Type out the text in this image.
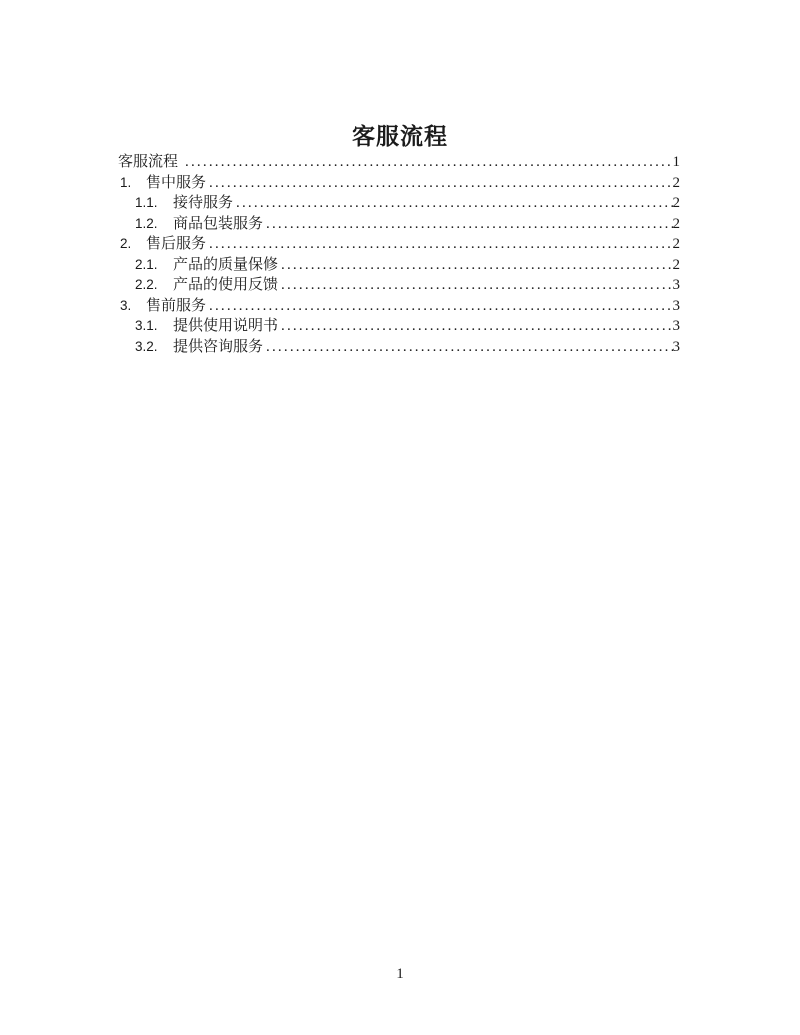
客服流程
客服流程 .....	1
1. 售中服务 .....	2
1.1.	接待服务 .....	2
1.2.	商品包装服务 .....	2
2. 售后服务 .....	2
2.1.	产品的质量保修 .....	2
2.2.	产品的使用反馈 .....	3
3. 售前服务 .....	3
3.1.	提供使用说明书 .....	3
3.2.	提供咨询服务 .....	3
1
